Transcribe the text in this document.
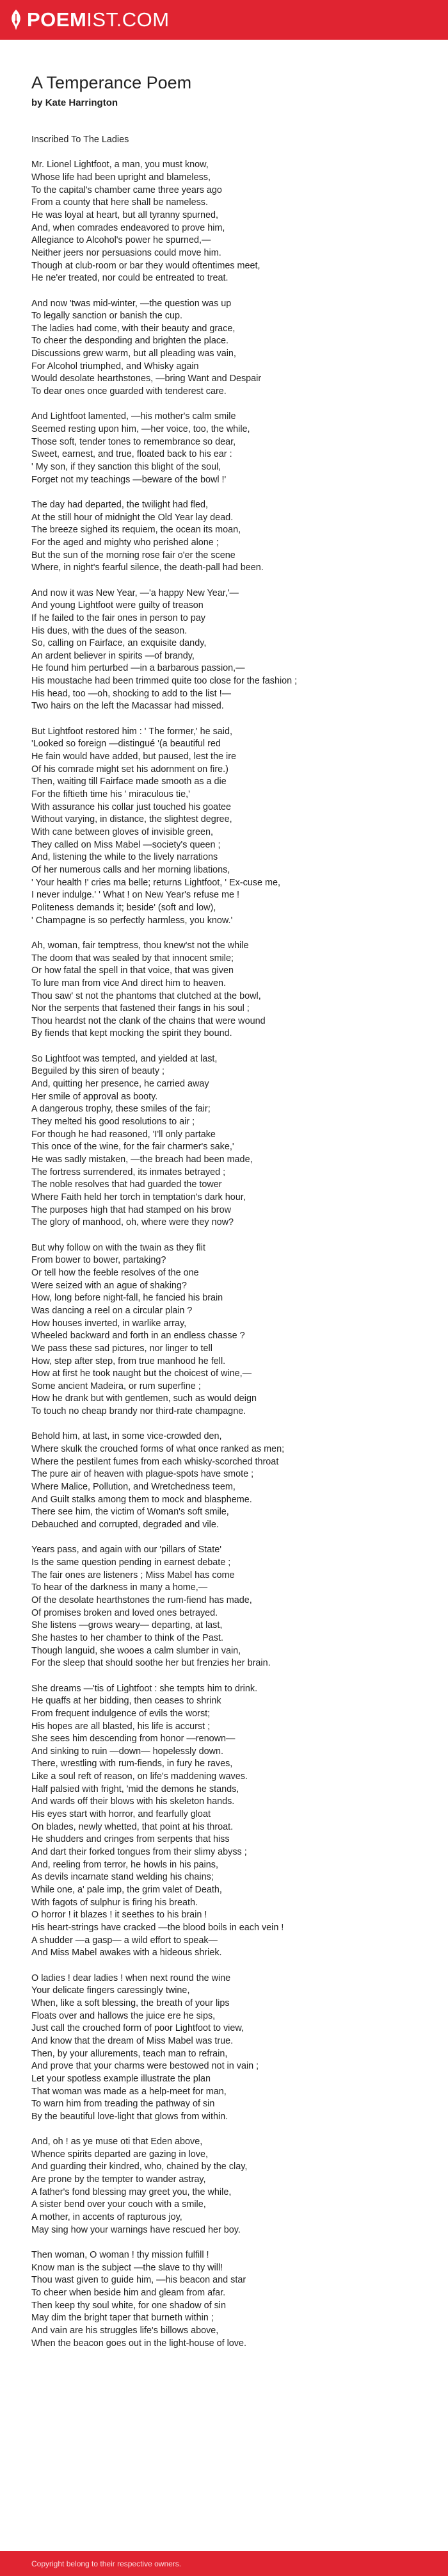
POEMIST.COM
A Temperance Poem
by Kate Harrington
Inscribed To The Ladies
Mr. Lionel Lightfoot, a man, you must know,
Whose life had been upright and blameless,
To the capital's chamber came three years ago
From a county that here shall be nameless.
He was loyal at heart, but all tyranny spurned,
And, when comrades endeavored to prove him,
Allegiance to Alcohol's power he spurned,—
Neither jeers nor persuasions could move him.
Though at club-room or bar they would oftentimes meet,
He ne'er treated, nor could be entreated to treat.
And now 'twas mid-winter, —the question was up
To legally sanction or banish the cup.
The ladies had come, with their beauty and grace,
To cheer the desponding and brighten the place.
Discussions grew warm, but all pleading was vain,
For Alcohol triumphed, and Whisky again
Would desolate hearthstones, —bring Want and Despair
To dear ones once guarded with tenderest care.
And Lightfoot lamented, —his mother's calm smile
Seemed resting upon him, —her voice, too, the while,
Those soft, tender tones to remembrance so dear,
Sweet, earnest, and true, floated back to his ear :
' My son, if they sanction this blight of the soul,
Forget not my teachings —beware of the bowl !'
The day had departed, the twilight had fled,
At the still hour of midnight the Old Year lay dead.
The breeze sighed its requiem, the ocean its moan,
For the aged and mighty who perished alone ;
But the sun of the morning rose fair o'er the scene
Where, in night's fearful silence, the death-pall had been.
And now it was New Year, —'a happy New Year,'—
And young Lightfoot were guilty of treason
If he failed to the fair ones in person to pay
His dues, with the dues of the season.
So, calling on Fairface, an exquisite dandy,
An ardent believer in spirits —of brandy,
He found him perturbed —in a barbarous passion,—
His moustache had been trimmed quite too close for the fashion ;
His head, too —oh, shocking to add to the list !—
Two hairs on the left the Macassar had missed.
But Lightfoot restored him : ' The former,' he said,
'Looked so foreign —distingué '(a beautiful red
He fain would have added, but paused, lest the ire
Of his comrade might set his adornment on fire.)
Then, waiting till Fairface made smooth as a die
For the fiftieth time his ' miraculous tie,'
With assurance his collar just touched his goatee
Without varying, in distance, the slightest degree,
With cane between gloves of invisible green,
They called on Miss Mabel —society's queen ;
And, listening the while to the lively narrations
Of her numerous calls and her morning libations,
' Your health !' cries ma belle; returns Lightfoot, ' Ex-cuse me,
I never indulge.' ' What ! on New Year's refuse me !
Politeness demands it; beside' (soft and low),
' Champagne is so perfectly harmless, you know.'
Ah, woman, fair temptress, thou knew'st not the while
The doom that was sealed by that innocent smile;
Or how fatal the spell in that voice, that was given
To lure man from vice And direct him to heaven.
Thou saw' st not the phantoms that clutched at the bowl,
Nor the serpents that fastened their fangs in his soul ;
Thou heardst not the clank of the chains that were wound
By fiends that kept mocking the spirit they bound.
So Lightfoot was tempted, and yielded at last,
Beguiled by this siren of beauty ;
And, quitting her presence, he carried away
Her smile of approval as booty.
A dangerous trophy, these smiles of the fair;
They melted his good resolutions to air ;
For though he had reasoned, 'I'll only partake
This once of the wine, for the fair charmer's sake,'
He was sadly mistaken, —the breach had been made,
The fortress surrendered, its inmates betrayed ;
The noble resolves that had guarded the tower
Where Faith held her torch in temptation's dark hour,
The purposes high that had stamped on his brow
The glory of manhood, oh, where were they now?
But why follow on with the twain as they flit
From bower to bower, partaking?
Or tell how the feeble resolves of the one
Were seized with an ague of shaking?
How, long before night-fall, he fancied his brain
Was dancing a reel on a circular plain ?
How houses inverted, in warlike array,
Wheeled backward and forth in an endless chasse ?
We pass these sad pictures, nor linger to tell
How, step after step, from true manhood he fell.
How at first he took naught but the choicest of wine,—
Some ancient Madeira, or rum superfine ;
How he drank but with gentlemen, such as would deign
To touch no cheap brandy nor third-rate champagne.
Behold him, at last, in some vice-crowded den,
Where skulk the crouched forms of what once ranked as men;
Where the pestilent fumes from each whisky-scorched throat
The pure air of heaven with plague-spots have smote ;
Where Malice, Pollution, and Wretchedness teem,
And Guilt stalks among them to mock and blaspheme.
There see him, the victim of Woman's soft smile,
Debauched and corrupted, degraded and vile.
Years pass, and again with our 'pillars of State'
Is the same question pending in earnest debate ;
The fair ones are listeners ; Miss Mabel has come
To hear of the darkness in many a home,—
Of the desolate hearthstones the rum-fiend has made,
Of promises broken and loved ones betrayed.
She listens —grows weary— departing, at last,
She hastes to her chamber to think of the Past.
Though languid, she wooes a calm slumber in vain,
For the sleep that should soothe her but frenzies her brain.
She dreams —'tis of Lightfoot : she tempts him to drink.
He quaffs at her bidding, then ceases to shrink
From frequent indulgence of evils the worst;
His hopes are all blasted, his life is accurst ;
She sees him descending from honor —renown—
And sinking to ruin —down— hopelessly down.
There, wrestling with rum-fiends, in fury he raves,
Like a soul reft of reason, on life's maddening waves.
Half palsied with fright, 'mid the demons he stands,
And wards off their blows with his skeleton hands.
His eyes start with horror, and fearfully gloat
On blades, newly whetted, that point at his throat.
He shudders and cringes from serpents that hiss
And dart their forked tongues from their slimy abyss ;
And, reeling from terror, he howls in his pains,
As devils incarnate stand welding his chains;
While one, a' pale imp, the grim valet of Death,
With fagots of sulphur is firing his breath.
O horror ! it blazes ! it seethes to his brain !
His heart-strings have cracked —the blood boils in each vein !
A shudder —a gasp— a wild effort to speak—
And Miss Mabel awakes with a hideous shriek.
O ladies ! dear ladies ! when next round the wine
Your delicate fingers caressingly twine,
When, like a soft blessing, the breath of your lips
Floats over and hallows the juice ere he sips,
Just call the crouched form of poor Lightfoot to view,
And know that the dream of Miss Mabel was true.
Then, by your allurements, teach man to refrain,
And prove that your charms were bestowed not in vain ;
Let your spotless example illustrate the plan
That woman was made as a help-meet for man,
To warn him from treading the pathway of sin
By the beautiful love-light that glows from within.
And, oh ! as ye muse oti that Eden above,
Whence spirits departed are gazing in love,
And guarding their kindred, who, chained by the clay,
Are prone by the tempter to wander astray,
A father's fond blessing may greet you, the while,
A sister bend over your couch with a smile,
A mother, in accents of rapturous joy,
May sing how your warnings have rescued her boy.
Then woman, O woman ! thy mission fulfill !
Know man is the subject —the slave to thy will!
Thou wast given to guide him, —his beacon and star
To cheer when beside him and gleam from afar.
Then keep thy soul white, for one shadow of sin
May dim the bright taper that burneth within ;
And vain are his struggles life's billows above,
When the beacon goes out in the light-house of love.
Copyright belong to their respective owners.
